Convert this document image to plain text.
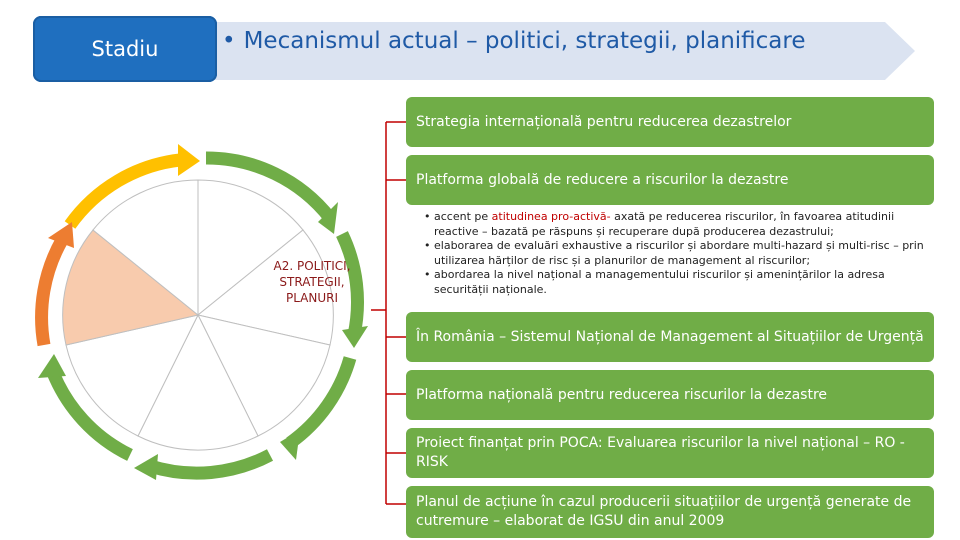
Stadiu	• Mecanismul actual – politici, strategii, planificare
A2. POLITICI, STRATEGII, PLANURI
Strategia internațională pentru reducerea dezastrelor
Platforma globală de reducere a riscurilor la dezastre
• accent pe atitudinea pro-activă- axată pe reducerea riscurilor, în favoarea atitudinii reactive – bazată pe răspuns și recuperare după producerea dezastrului;
• elaborarea de evaluări exhaustive a riscurilor și abordare multi-hazard și multi-risc – prin utilizarea hărților de risc și a planurilor de management al riscurilor;
• abordarea la nivel național a managementului riscurilor și amenințărilor la adresa securității naționale.
În România – Sistemul Național de Management al Situațiilor de Urgență
Platforma națională pentru reducerea riscurilor la dezastre
Proiect finanțat prin POCA: Evaluarea riscurilor la nivel național – RO -RISK
Planul de acțiune în cazul producerii situațiilor de urgență generate de cutremure – elaborat de IGSU din anul 2009
